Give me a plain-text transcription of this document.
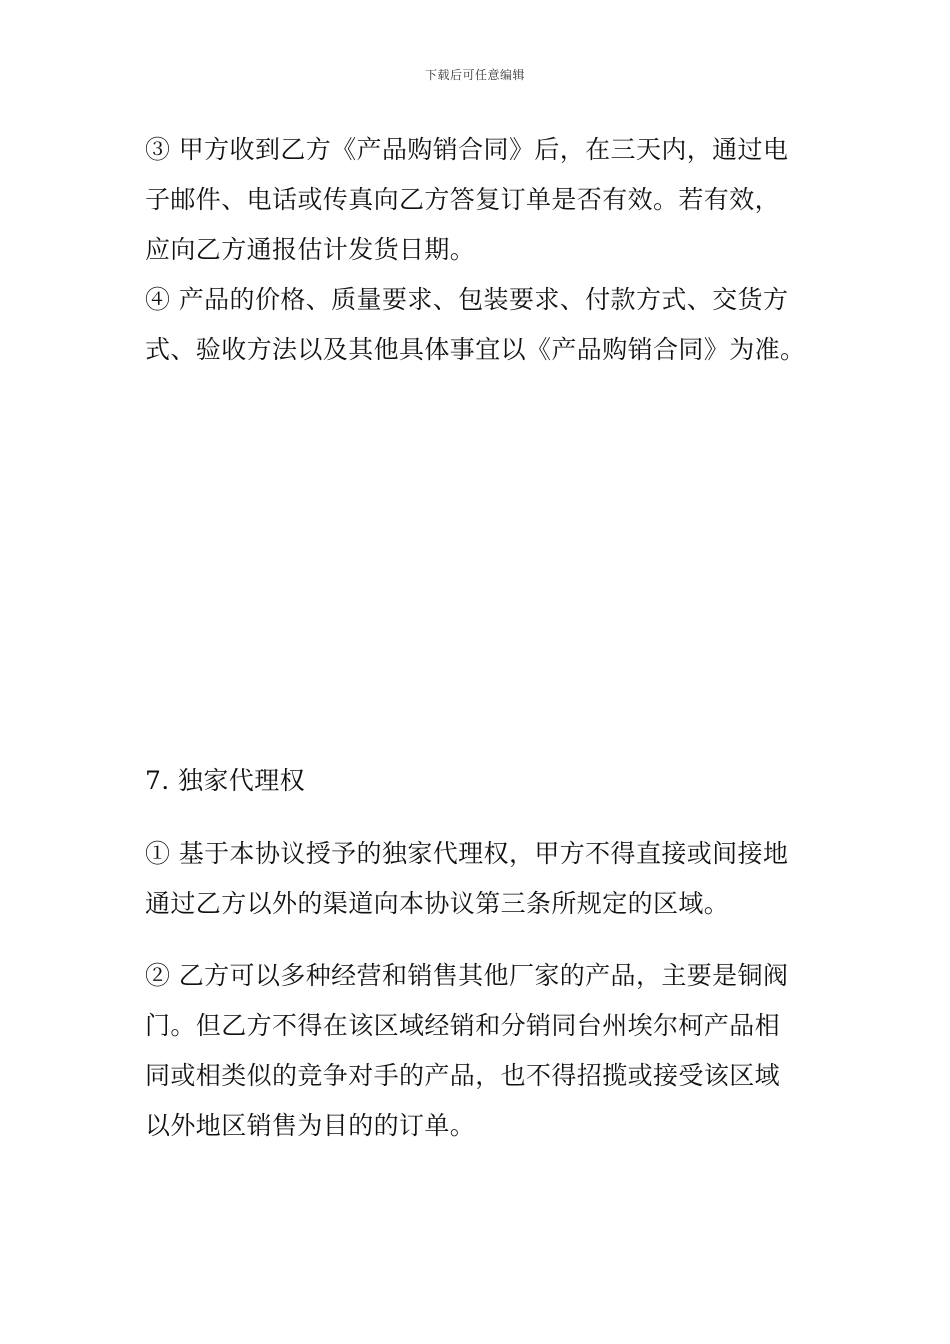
下载后可任意编辑
③ 甲方收到乙方《产品购销合同》后，在三天内，通过电
子邮件、电话或传真向乙方答复订单是否有效。若有效，
应向乙方通报估计发货日期。
④ 产品的价格、质量要求、包装要求、付款方式、交货方
式、验收方法以及其他具体事宜以《产品购销合同》为准。
7. 独家代理权
① 基于本协议授予的独家代理权，甲方不得直接或间接地
通过乙方以外的渠道向本协议第三条所规定的区域。
② 乙方可以多种经营和销售其他厂家的产品，主要是铜阀
门。但乙方不得在该区域经销和分销同台州埃尔柯产品相
同或相类似的竞争对手的产品，也不得招揽或接受该区域
以外地区销售为目的的订单。
